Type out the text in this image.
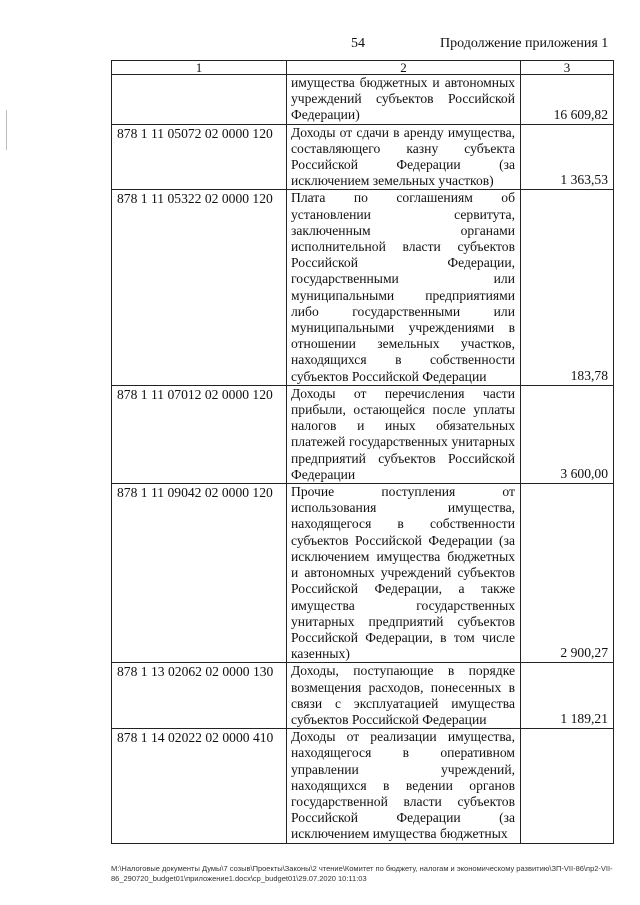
54	Продолжение приложения 1
1	2	3
	имущества бюджетных и автономных учреждений субъектов Российской Федерации)	16 609,82
878 1 11 05072 02 0000 120	Доходы от сдачи в аренду имущества, составляющего казну субъекта Российской Федерации (за исключением земельных участков)	1 363,53
878 1 11 05322 02 0000 120	Плата по соглашениям об установлении сервитута, заключенным органами исполнительной власти субъектов Российской Федерации, государственными или муниципальными предприятиями либо государственными или муниципальными учреждениями в отношении земельных участков, находящихся в собственности субъектов Российской Федерации	183,78
878 1 11 07012 02 0000 120	Доходы от перечисления части прибыли, остающейся после уплаты налогов и иных обязательных платежей государственных унитарных предприятий субъектов Российской Федерации	3 600,00
878 1 11 09042 02 0000 120	Прочие поступления от использования имущества, находящегося в собственности субъектов Российской Федерации (за исключением имущества бюджетных и автономных учреждений субъектов Российской Федерации, а также имущества государственных унитарных предприятий субъектов Российской Федерации, в том числе казенных)	2 900,27
878 1 13 02062 02 0000 130	Доходы, поступающие в порядке возмещения расходов, понесенных в связи с эксплуатацией имущества субъектов Российской Федерации	1 189,21
878 1 14 02022 02 0000 410	Доходы от реализации имущества, находящегося в оперативном управлении учреждений, находящихся в ведении органов государственной власти субъектов Российской Федерации (за исключением имущества бюджетных	
M:\Налоговые документы Думы\7 созыв\Проекты\Законы\2 чтение\Комитет по бюджету, налогам и экономическому развитию\ЗП-VII-86\пр2-VII-86_290720_budget01\приложение1.docx\cp_budget01\29.07.2020 10:11:03
